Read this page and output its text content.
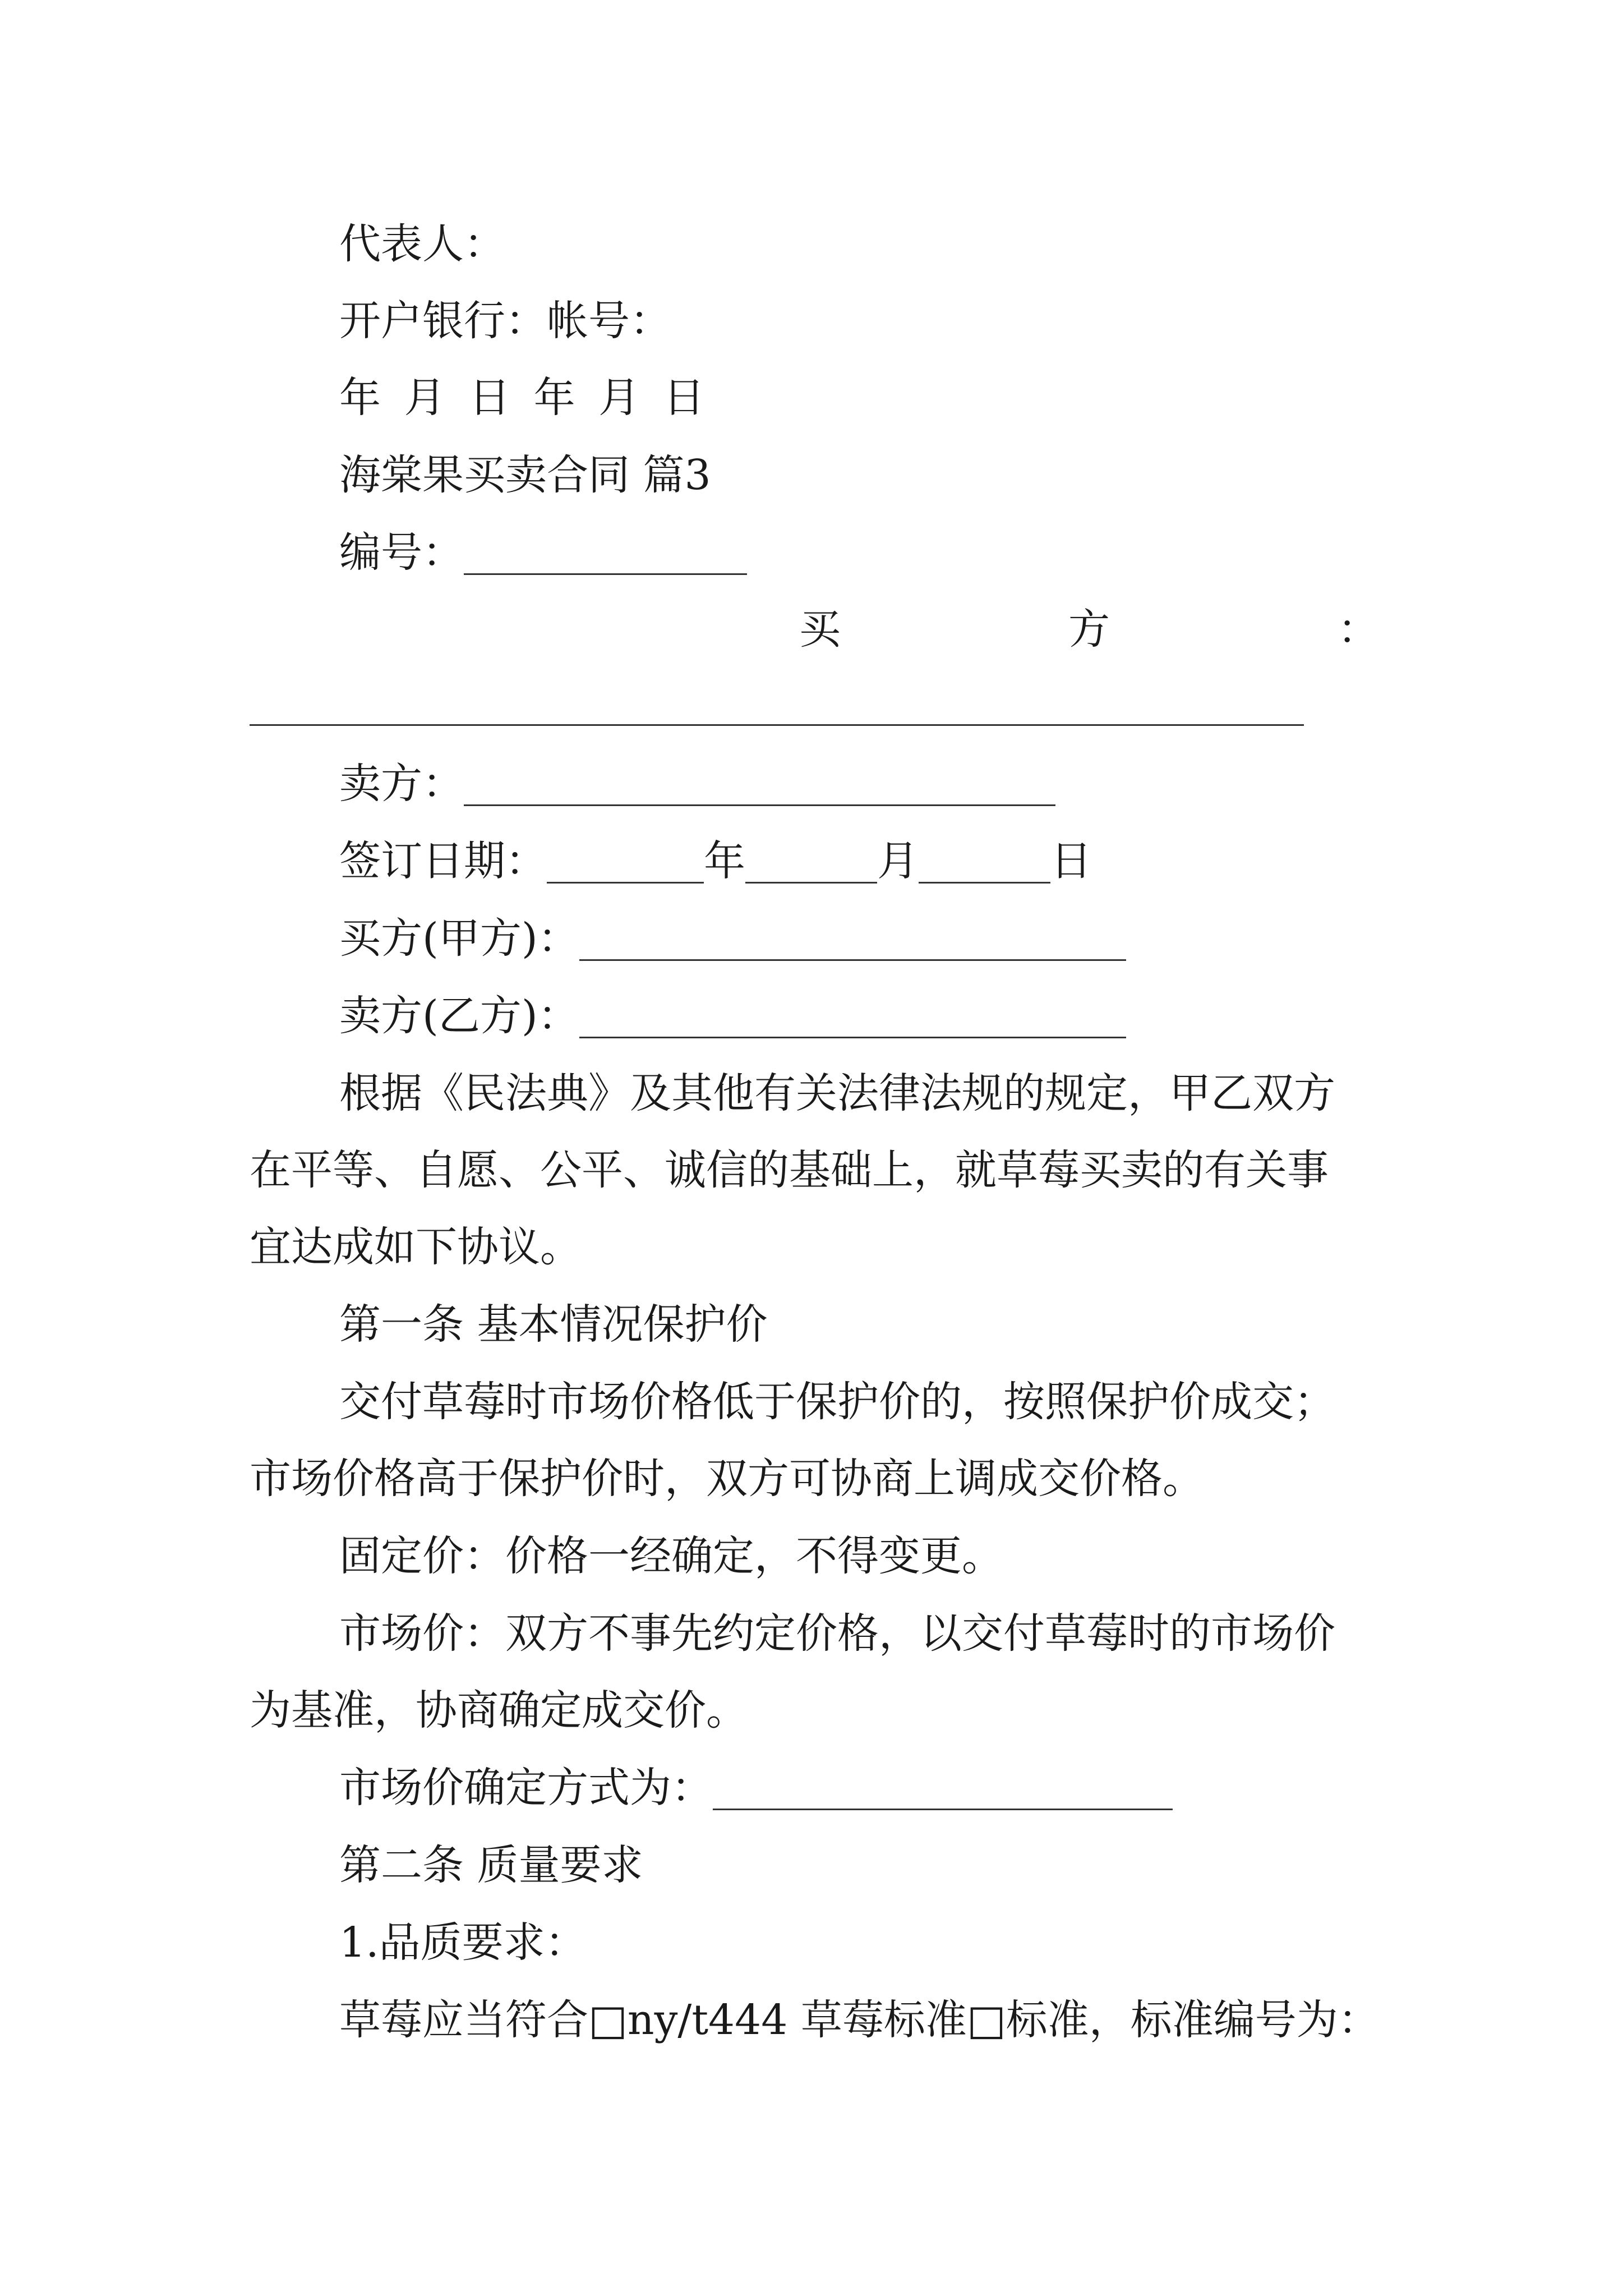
代表人：
开户银行：帐号：
年 月 日 年 月 日
海棠果买卖合同 篇3
编号：
买	方	：
卖方：
签订日期：	年	月	日
买方(甲方)：
卖方(乙方)：
根据《民法典》及其他有关法律法规的规定，甲乙双方
在平等、自愿、公平、诚信的基础上，就草莓买卖的有关事
宜达成如下协议。
第一条 基本情况保护价
交付草莓时市场价格低于保护价的，按照保护价成交；
市场价格高于保护价时，双方可协商上调成交价格。
固定价：价格一经确定，不得变更。
市场价：双方不事先约定价格，以交付草莓时的市场价
为基准，协商确定成交价。
市场价确定方式为：
第二条 质量要求
1.品质要求：
草莓应当符合□ny/t444 草莓标准□标准，标准编号为：
